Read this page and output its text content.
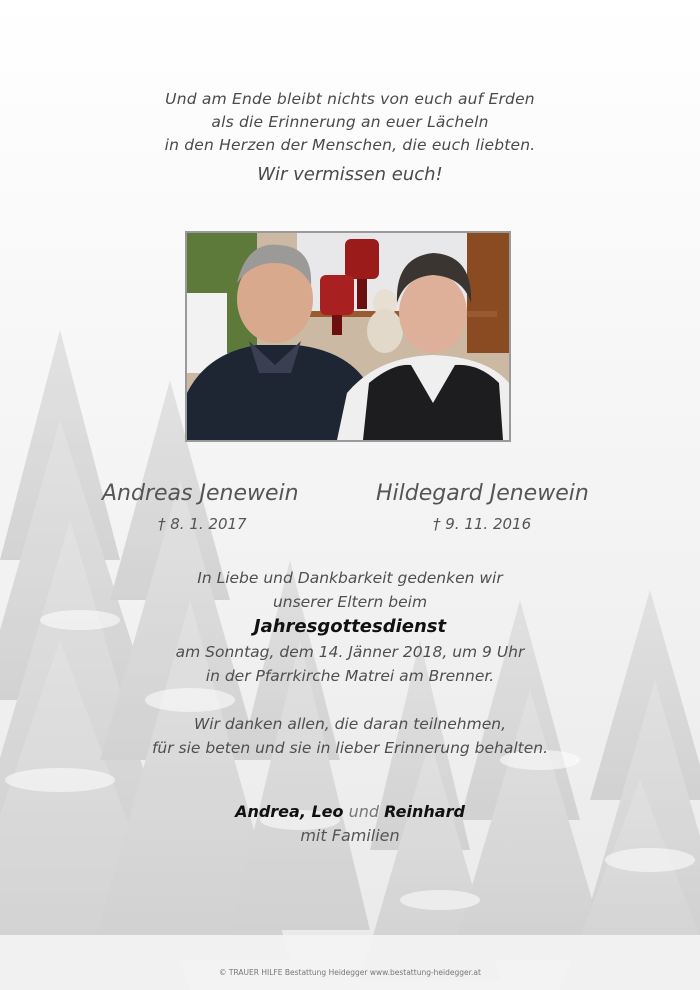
Und am Ende bleibt nichts von euch auf Erden
als die Erinnerung an euer Lächeln
in den Herzen der Menschen, die euch liebten.
Wir vermissen euch!
Andreas Jenewein
† 8. 1. 2017
Hildegard Jenewein
† 9. 11. 2016
In Liebe und Dankbarkeit gedenken wir
unserer Eltern beim
Jahresgottesdienst
am Sonntag, dem 14. Jänner 2018, um 9 Uhr
in der Pfarrkirche Matrei am Brenner.
Wir danken allen, die daran teilnehmen,
für sie beten und sie in lieber Erinnerung behalten.
Andrea, Leo und Reinhard
mit Familien
© TRAUER HILFE Bestattung Heidegger www.bestattung-heidegger.at
